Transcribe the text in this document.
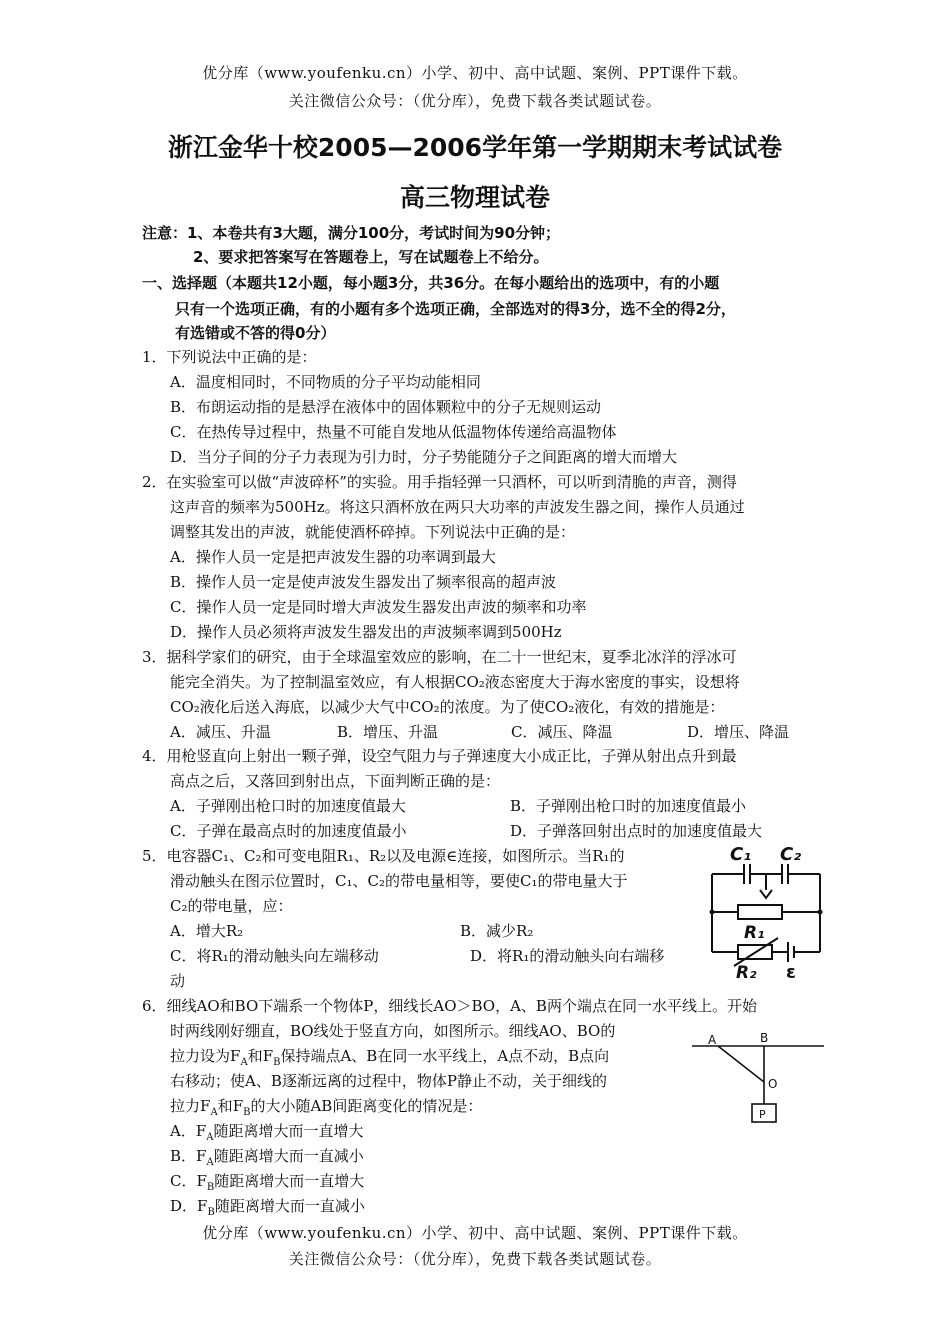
优分库（www.youfenku.cn）小学、初中、高中试题、案例、PPT课件下载。
关注微信公众号：（优分库），免费下载各类试题试卷。
浙江金华十校2005—2006学年第一学期期末考试试卷
高三物理试卷
注意：1、本卷共有3大题，满分100分，考试时间为90分钟；
2、要求把答案写在答题卷上，写在试题卷上不给分。
一、选择题（本题共12小题，每小题3分，共36分。在每小题给出的选项中，有的小题
只有一个选项正确，有的小题有多个选项正确，全部选对的得3分，选不全的得2分，
有选错或不答的得0分）
1．下列说法中正确的是：
A．温度相同时，不同物质的分子平均动能相同
B．布朗运动指的是悬浮在液体中的固体颗粒中的分子无规则运动
C．在热传导过程中，热量不可能自发地从低温物体传递给高温物体
D．当分子间的分子力表现为引力时，分子势能随分子之间距离的增大而增大
2．在实验室可以做“声波碎杯”的实验。用手指轻弹一只酒杯，可以听到清脆的声音，测得
这声音的频率为500Hz。将这只酒杯放在两只大功率的声波发生器之间，操作人员通过
调整其发出的声波，就能使酒杯碎掉。下列说法中正确的是：
A．操作人员一定是把声波发生器的功率调到最大
B．操作人员一定是使声波发生器发出了频率很高的超声波
C．操作人员一定是同时增大声波发生器发出声波的频率和功率
D．操作人员必须将声波发生器发出的声波频率调到500Hz
3．据科学家们的研究，由于全球温室效应的影响，在二十一世纪末，夏季北冰洋的浮冰可
能完全消失。为了控制温室效应，有人根据CO₂液态密度大于海水密度的事实，设想将
CO₂液化后送入海底，以减少大气中CO₂的浓度。为了使CO₂液化，有效的措施是：
A．减压、升温	B．增压、升温	C．减压、降温	D．增压、降温
4．用枪竖直向上射出一颗子弹，设空气阻力与子弹速度大小成正比，子弹从射出点升到最
高点之后，又落回到射出点，下面判断正确的是：
A．子弹刚出枪口时的加速度值最大	B．子弹刚出枪口时的加速度值最小
C．子弹在最高点时的加速度值最小	D．子弹落回射出点时的加速度值最大
5．电容器C₁、C₂和可变电阻R₁、R₂以及电源∈连接，如图所示。当R₁的
滑动触头在图示位置时，C₁、C₂的带电量相等，要使C₁的带电量大于
C₂的带电量，应：
A．增大R₂	B．减少R₂
C．将R₁的滑动触头向左端移动	D．将R₁的滑动触头向右端移
动
C₁ C₂
R₁
R₂ ε
6．细线AO和BO下端系一个物体P，细线长AO＞BO，A、B两个端点在同一水平线上。开始
时两线刚好绷直，BO线处于竖直方向，如图所示。细线AO、BO的
拉力设为$F_A$和$F_B$保持端点A、B在同一水平线上，A点不动，B点向
右移动；使A、B逐渐远离的过程中，物体P静止不动，关于细线的
拉力$F_A$和$F_B$的大小随AB间距离变化的情况是：
A．$F_A$随距离增大而一直增大
B．$F_A$随距离增大而一直减小
C．$F_B$随距离增大而一直增大
D．$F_B$随距离增大而一直减小
A	B
O
P
优分库（www.youfenku.cn）小学、初中、高中试题、案例、PPT课件下载。
关注微信公众号：（优分库），免费下载各类试题试卷。
